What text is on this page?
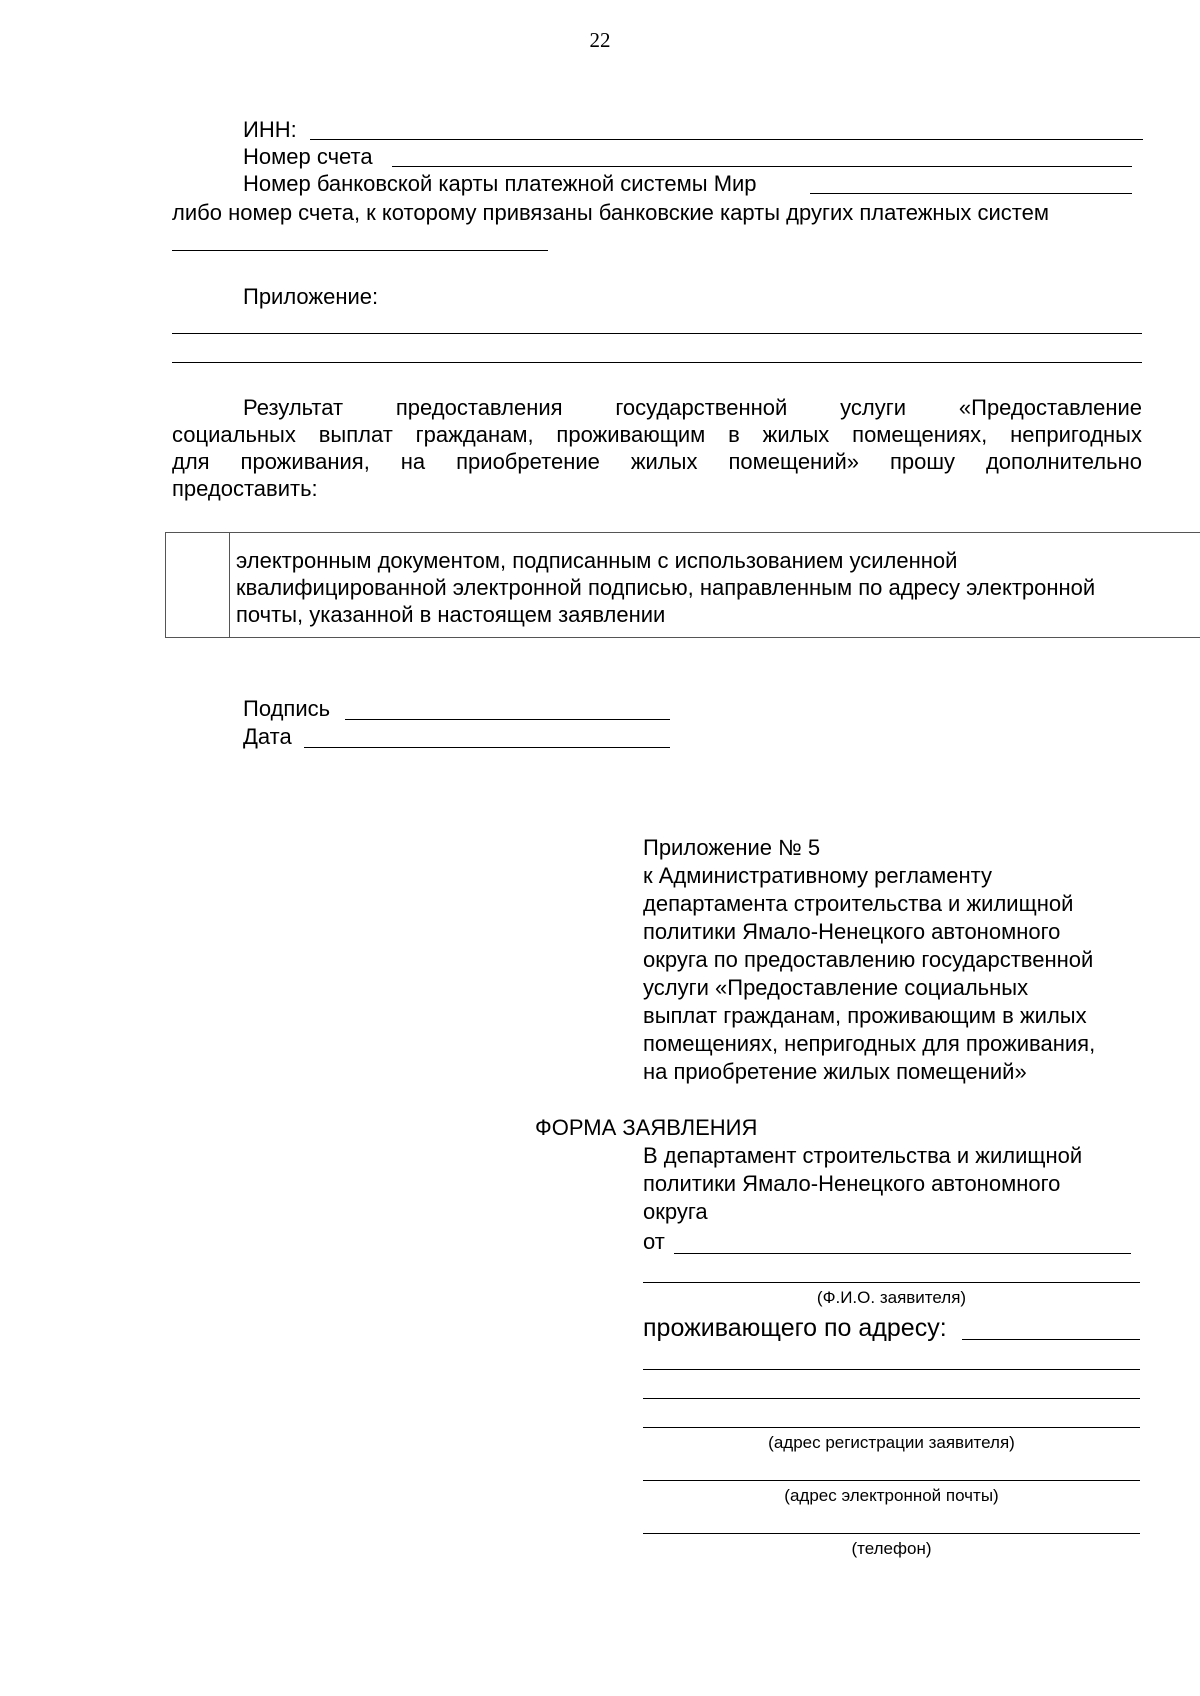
22
ИНН:
Номер счета
Номер банковской карты платежной системы Мир
либо номер счета, к которому привязаны банковские карты других платежных систем
Приложение:
Результат предоставления государственной услуги «Предоставление
социальных выплат гражданам, проживающим в жилых помещениях, непригодных
для проживания, на приобретение жилых помещений» прошу дополнительно
предоставить:
электронным документом, подписанным с использованием усиленной
квалифицированной электронной подписью, направленным по адресу электронной
почты, указанной в настоящем заявлении
Подпись
Дата
Приложение № 5
к Административному регламенту
департамента строительства и жилищной
политики Ямало-Ненецкого автономного
округа по предоставлению государственной
услуги «Предоставление социальных
выплат гражданам, проживающим в жилых
помещениях, непригодных для проживания,
на приобретение жилых помещений»
ФОРМА ЗАЯВЛЕНИЯ
В департамент строительства и жилищной
политики Ямало-Ненецкого автономного
округа
от
(Ф.И.О. заявителя)
проживающего по адресу:
(адрес регистрации заявителя)
(адрес электронной почты)
(телефон)
